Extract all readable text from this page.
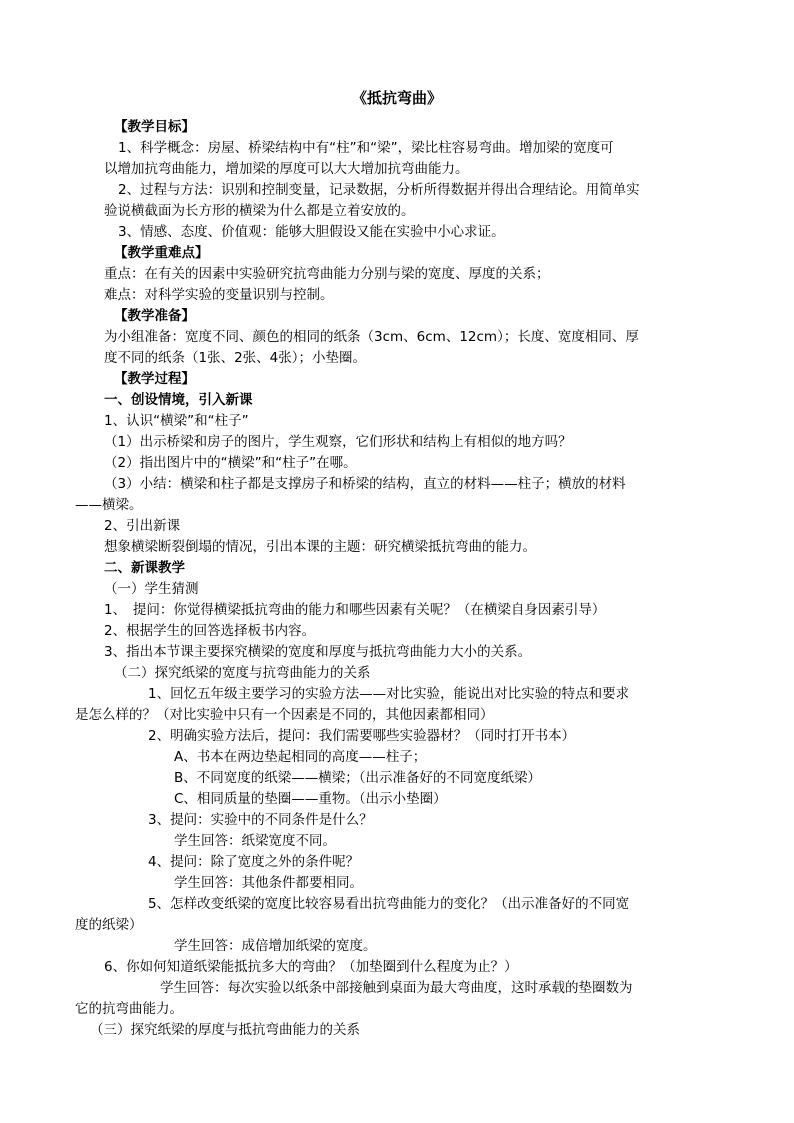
《抵抗弯曲》
【教学目标】
1、科学概念：房屋、桥梁结构中有“柱”和“梁”，梁比柱容易弯曲。增加梁的宽度可
以增加抗弯曲能力，增加梁的厚度可以大大增加抗弯曲能力。
2、过程与方法：识别和控制变量，记录数据，分析所得数据并得出合理结论。用简单实
验说横截面为长方形的横梁为什么都是立着安放的。
3、情感、态度、价值观：能够大胆假设又能在实验中小心求证。
【教学重难点】
重点：在有关的因素中实验研究抗弯曲能力分别与梁的宽度、厚度的关系；
难点：对科学实验的变量识别与控制。
【教学准备】
为小组准备：宽度不同、颜色的相同的纸条（3cm、6cm、12cm）；长度、宽度相同、厚
度不同的纸条（1张、2张、4张）；小垫圈。
【教学过程】
一、创设情境，引入新课
1、认识“横梁”和“柱子”
（1）出示桥梁和房子的图片，学生观察，它们形状和结构上有相似的地方吗？
（2）指出图片中的“横梁”和“柱子”在哪。
（3）小结：横梁和柱子都是支撑房子和桥梁的结构，直立的材料——柱子；横放的材料
——横梁。
2、引出新课
想象横梁断裂倒塌的情况，引出本课的主题：研究横梁抵抗弯曲的能力。
二、新课教学
（一）学生猜测
1、　提问：你觉得横梁抵抗弯曲的能力和哪些因素有关呢？（在横梁自身因素引导）
2、根据学生的回答选择板书内容。
3、指出本节课主要探究横梁的宽度和厚度与抵抗弯曲能力大小的关系。
（二）探究纸梁的宽度与抗弯曲能力的关系
1、回忆五年级主要学习的实验方法——对比实验，能说出对比实验的特点和要求
是怎么样的？（对比实验中只有一个因素是不同的，其他因素都相同）
2、明确实验方法后，提问：我们需要哪些实验器材？（同时打开书本）
A、书本在两边垫起相同的高度——柱子；
B、不同宽度的纸梁——横梁；（出示准备好的不同宽度纸梁）
C、相同质量的垫圈——重物。（出示小垫圈）
3、提问：实验中的不同条件是什么？
学生回答：纸梁宽度不同。
4、提问：除了宽度之外的条件呢？
学生回答：其他条件都要相同。
5、怎样改变纸梁的宽度比较容易看出抗弯曲能力的变化？（出示准备好的不同宽
度的纸梁）
学生回答：成倍增加纸梁的宽度。
6、你如何知道纸梁能抵抗多大的弯曲？（加垫圈到什么程度为止？）
学生回答：每次实验以纸条中部接触到桌面为最大弯曲度，这时承载的垫圈数为
它的抗弯曲能力。
（三）探究纸梁的厚度与抵抗弯曲能力的关系
